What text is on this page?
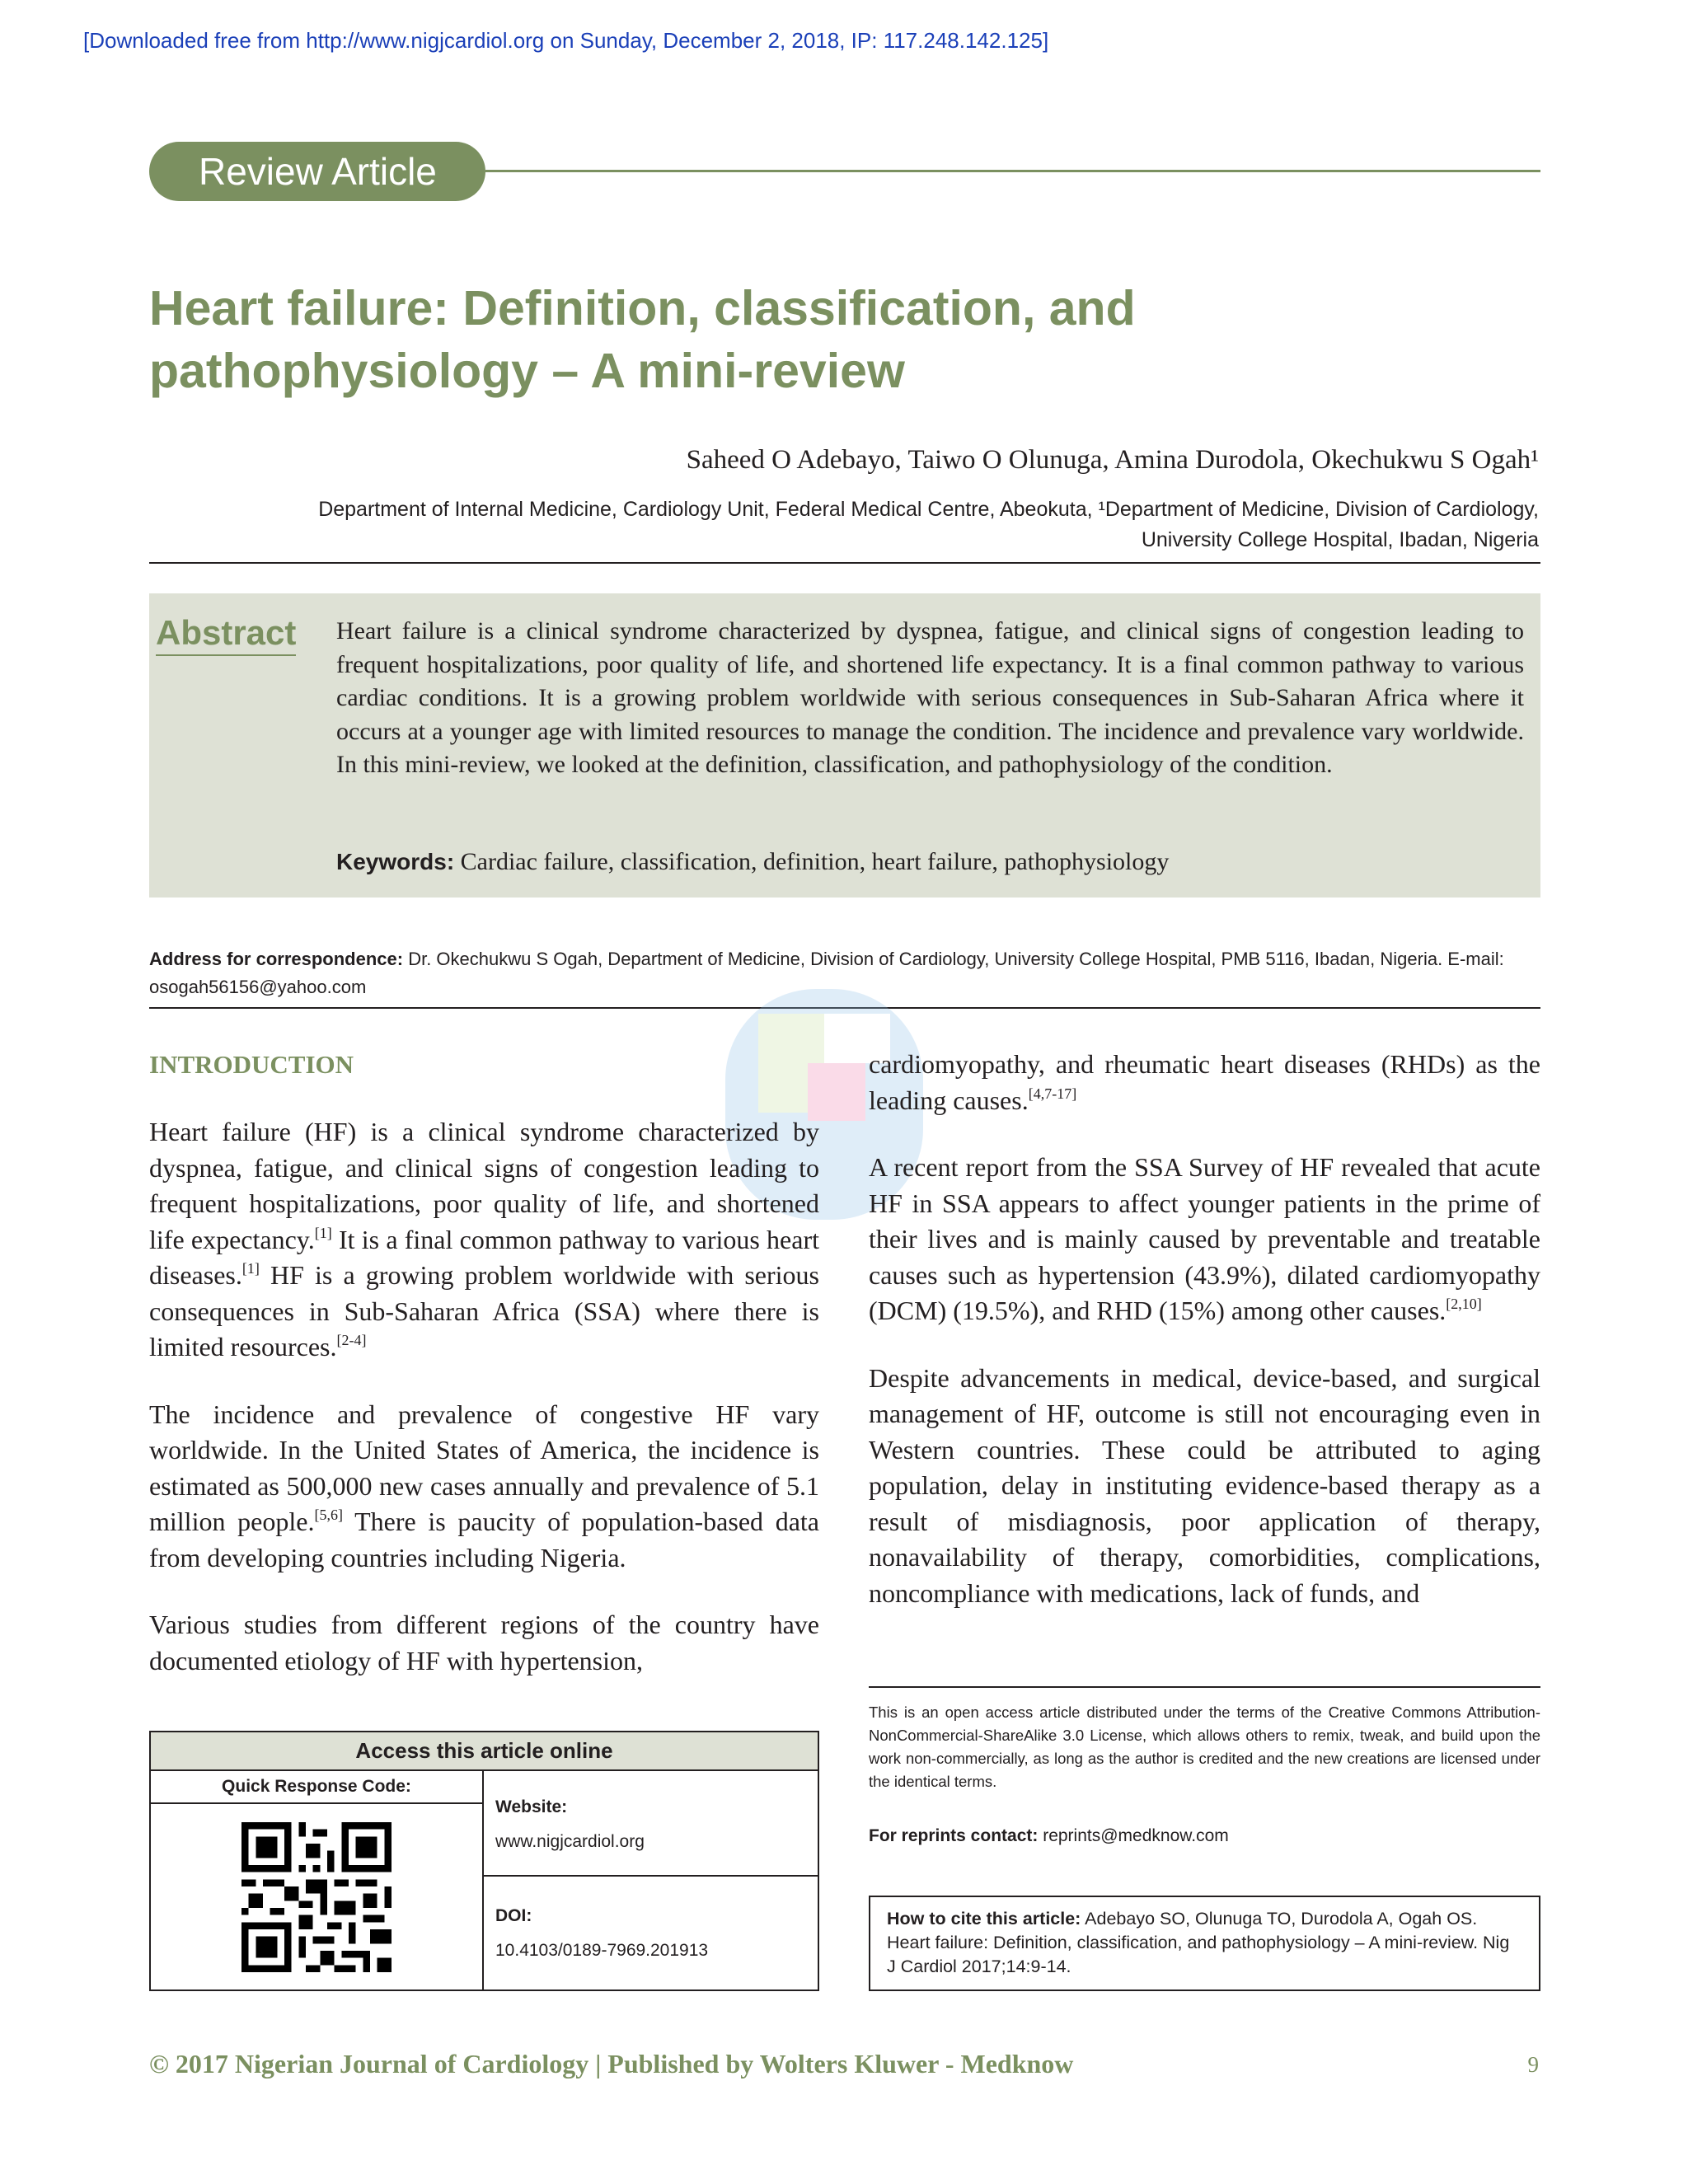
[Downloaded free from http://www.nigjcardiol.org on Sunday, December 2, 2018, IP: 117.248.142.125]
Review Article
Heart failure: Definition, classification, and pathophysiology – A mini-review
Saheed O Adebayo, Taiwo O Olunuga, Amina Durodola, Okechukwu S Ogah¹
Department of Internal Medicine, Cardiology Unit, Federal Medical Centre, Abeokuta, ¹Department of Medicine, Division of Cardiology,
University College Hospital, Ibadan, Nigeria
Abstract Heart failure is a clinical syndrome characterized by dyspnea, fatigue, and clinical signs of congestion leading to frequent hospitalizations, poor quality of life, and shortened life expectancy. It is a final common pathway to various cardiac conditions. It is a growing problem worldwide with serious consequences in Sub-Saharan Africa where it occurs at a younger age with limited resources to manage the condition. The incidence and prevalence vary worldwide. In this mini-review, we looked at the definition, classification, and pathophysiology of the condition.

Keywords: Cardiac failure, classification, definition, heart failure, pathophysiology
Address for correspondence: Dr. Okechukwu S Ogah, Department of Medicine, Division of Cardiology, University College Hospital, PMB 5116, Ibadan, Nigeria. E-mail: osogah56156@yahoo.com
INTRODUCTION

Heart failure (HF) is a clinical syndrome characterized by dyspnea, fatigue, and clinical signs of congestion leading to frequent hospitalizations, poor quality of life, and shortened life expectancy.[1] It is a final common pathway to various heart diseases.[1] HF is a growing problem worldwide with serious consequences in Sub-Saharan Africa (SSA) where there is limited resources.[2-4]

The incidence and prevalence of congestive HF vary worldwide. In the United States of America, the incidence is estimated as 500,000 new cases annually and prevalence of 5.1 million people.[5,6] There is paucity of population-based data from developing countries including Nigeria.

Various studies from different regions of the country have documented etiology of HF with hypertension,

cardiomyopathy, and rheumatic heart diseases (RHDs) as the leading causes.[4,7-17]

A recent report from the SSA Survey of HF revealed that acute HF in SSA appears to affect younger patients in the prime of their lives and is mainly caused by preventable and treatable causes such as hypertension (43.9%), dilated cardiomyopathy (DCM) (19.5%), and RHD (15%) among other causes.[2,10]

Despite advancements in medical, device-based, and surgical management of HF, outcome is still not encouraging even in Western countries. These could be attributed to aging population, delay in instituting evidence-based therapy as a result of misdiagnosis, poor application of therapy, nonavailability of therapy, comorbidities, complications, noncompliance with medications, lack of funds, and

Access this article online
Quick Response Code:
Website:
www.nigjcardiol.org
DOI:
10.4103/0189-7969.201913

This is an open access article distributed under the terms of the Creative Commons Attribution-NonCommercial-ShareAlike 3.0 License, which allows others to remix, tweak, and build upon the work non-commercially, as long as the author is credited and the new creations are licensed under the identical terms.

For reprints contact: reprints@medknow.com
How to cite this article: Adebayo SO, Olunuga TO, Durodola A, Ogah OS. Heart failure: Definition, classification, and pathophysiology – A mini-review. Nig J Cardiol 2017;14:9-14.
© 2017 Nigerian Journal of Cardiology | Published by Wolters Kluwer - Medknow	9
